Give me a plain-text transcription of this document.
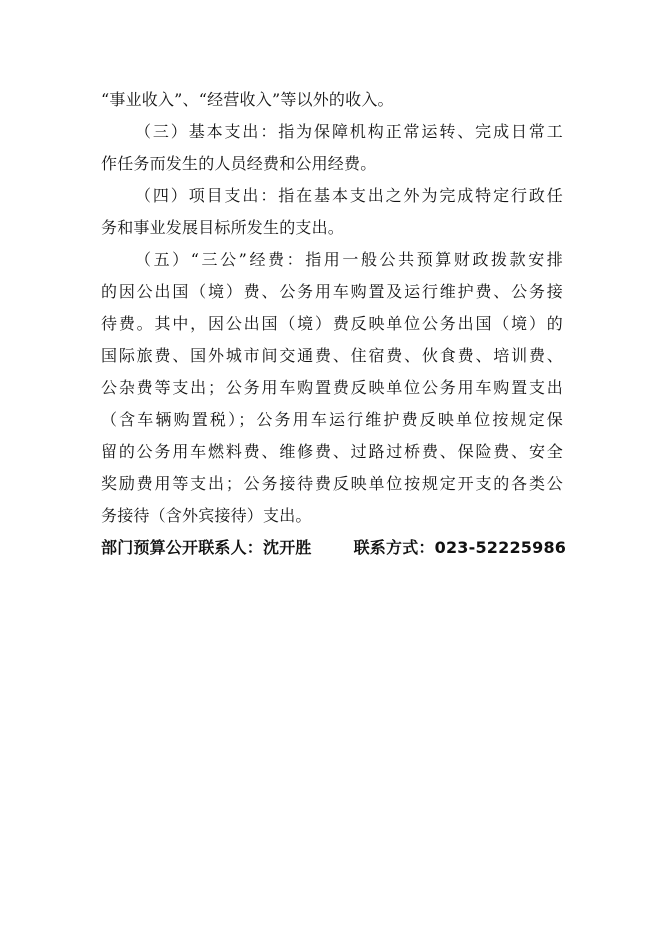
“事业收入”、“经营收入”等以外的收入。
（三）基本支出：指为保障机构正常运转、完成日常工
作任务而发生的人员经费和公用经费。
（四）项目支出：指在基本支出之外为完成特定行政任
务和事业发展目标所发生的支出。
（五）“三公”经费：指用一般公共预算财政拨款安排
的因公出国（境）费、公务用车购置及运行维护费、公务接
待费。其中，因公出国（境）费反映单位公务出国（境）的
国际旅费、国外城市间交通费、住宿费、伙食费、培训费、
公杂费等支出；公务用车购置费反映单位公务用车购置支出
（含车辆购置税）；公务用车运行维护费反映单位按规定保
留的公务用车燃料费、维修费、过路过桥费、保险费、安全
奖励费用等支出；公务接待费反映单位按规定开支的各类公
务接待（含外宾接待）支出。
部门预算公开联系人：沈开胜	联系方式：023-52225986
